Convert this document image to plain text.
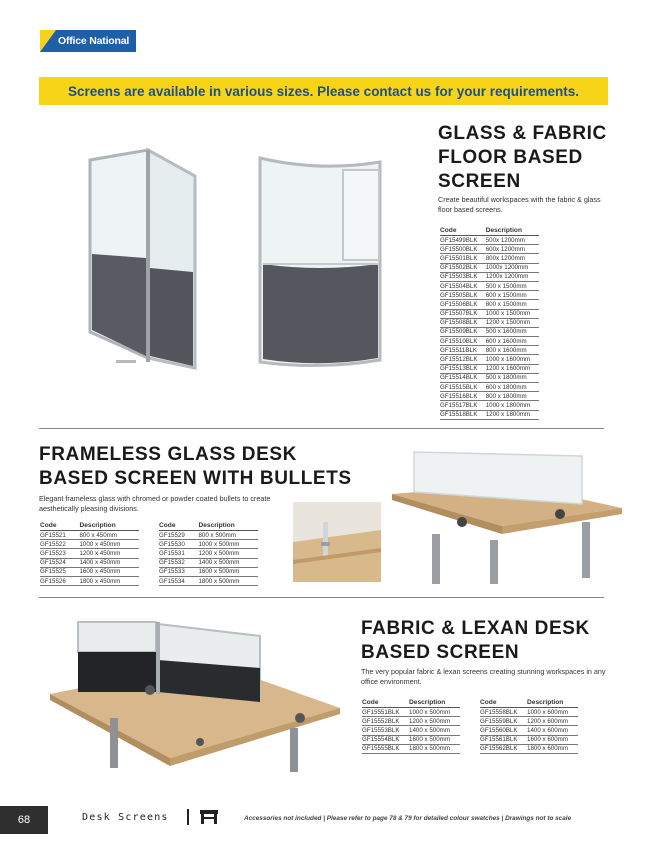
Office National
Screens are available in various sizes. Please contact us for your requirements.
GLASS & FABRIC
FLOOR BASED
SCREEN
Create beautiful workspaces with the fabric & glass floor based screens.
Code	Description
GF15499BLK	500x 1200mm
GF15500BLK	600x 1200mm
GF15501BLK	800x 1200mm
GF15502BLK	1000x 1200mm
GF15503BLK	1200x 1200mm
GF15504BLK	500 x 1500mm
GF15505BLK	600 x 1500mm
GF15506BLK	800 x 1500mm
GF15507BLK	1000 x 1500mm
GF15508BLK	1200 x 1500mm
GF15509BLK	500 x 1600mm
GF15510BLK	600 x 1600mm
GF15511BLK	800 x 1600mm
GF15512BLK	1000 x 1600mm
GF15513BLK	1200 x 1600mm
GF15514BLK	500 x 1800mm
GF15515BLK	600 x 1800mm
GF15516BLK	800 x 1800mm
GF15517BLK	1000 x 1800mm
GF15518BLK	1200 x 1800mm
FRAMELESS GLASS DESK
BASED SCREEN WITH BULLETS
Elegant frameless glass with chromed or powder coated bullets to create aesthetically pleasing divisions.
Code	Description
GF15521	800 x 450mm
GF15522	1000 x 450mm
GF15523	1200 x 450mm
GF15524	1400 x 450mm
GF15525	1600 x 450mm
GF15526	1800 x 450mm
Code	Description
GF15529	800 x 500mm
GF15530	1000 x 500mm
GF15531	1200 x 500mm
GF15532	1400 x 500mm
GF15533	1600 x 500mm
GF15534	1800 x 500mm
FABRIC & LEXAN DESK
BASED SCREEN
The very popular fabric & lexan screens creating stunning workspaces in any office environment.
Code	Description
GF15551BLK	1000 x 500mm
GF15552BLK	1200 x 500mm
GF15553BLK	1400 x 500mm
GF15554BLK	1600 x 500mm
GF15555BLK	1800 x 500mm
Code	Description
GF15558BLK	1000 x 600mm
GF15559BLK	1200 x 600mm
GF15560BLK	1400 x 600mm
GF15561BLK	1600 x 600mm
GF15562BLK	1800 x 600mm
68	Desk Screens	Accessories not included | Please refer to page 78 & 79 for detailed colour swatches | Drawings not to scale
